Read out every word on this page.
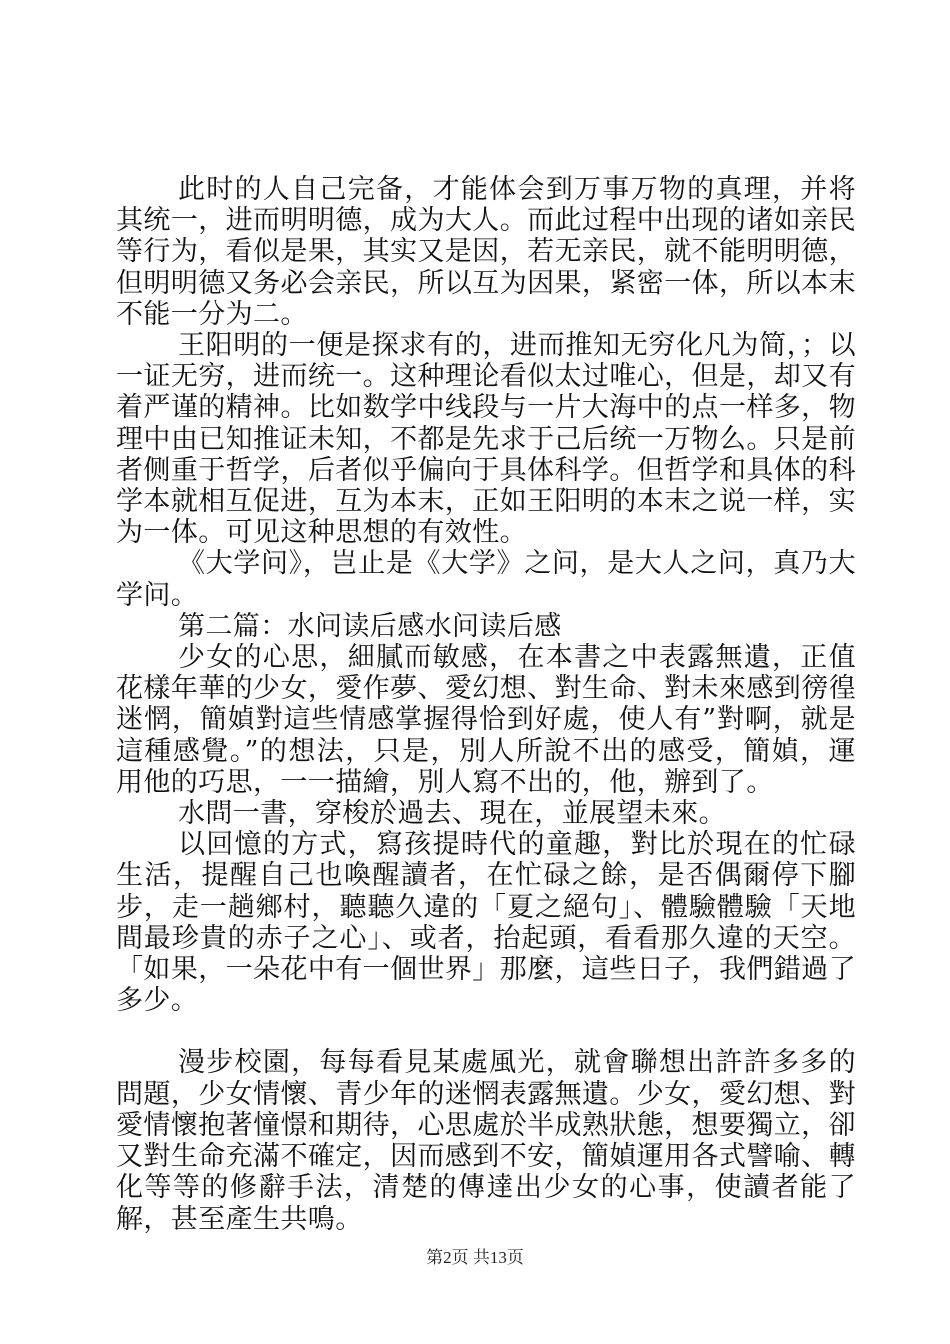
此时的人自己完备，才能体会到万事万物的真理，并将其统一，进而明明德，成为大人。而此过程中出现的诸如亲民等行为，看似是果，其实又是因，若无亲民，就不能明明德，但明明德又务必会亲民，所以互为因果，紧密一体，所以本末不能一分为二。

王阳明的一便是探求有的，进而推知无穷化凡为简，；以一证无穷，进而统一。这种理论看似太过唯心，但是，却又有着严谨的精神。比如数学中线段与一片大海中的点一样多，物理中由已知推证未知，不都是先求于己后统一万物么。只是前者侧重于哲学，后者似乎偏向于具体科学。但哲学和具体的科学本就相互促进，互为本末，正如王阳明的本末之说一样，实为一体。可见这种思想的有效性。

《大学问》，岂止是《大学》之问，是大人之问，真乃大学问。

第二篇：水问读后感水问读后感

少女的心思，細膩而敏感，在本書之中表露無遺，正值花樣年華的少女，愛作夢、愛幻想、對生命、對未來感到徬徨迷惘，簡媜對這些情感掌握得恰到好處，使人有”對啊，就是這種感覺。”的想法，只是，別人所說不出的感受，簡媜，運用他的巧思，一一描繪，別人寫不出的，他，辦到了。

水問一書，穿梭於過去、現在，並展望未來。

以回憶的方式，寫孩提時代的童趣，對比於現在的忙碌生活，提醒自己也喚醒讀者，在忙碌之餘，是否偶爾停下腳步，走一趟鄉村，聽聽久違的「夏之絕句」、體驗體驗「天地間最珍貴的赤子之心」、或者，抬起頭，看看那久違的天空。「如果，一朵花中有一個世界」那麼，這些日子，我們錯過了多少。

漫步校園，每每看見某處風光，就會聯想出許許多多的問題，少女情懷、青少年的迷惘表露無遺。少女，愛幻想、對愛情懷抱著憧憬和期待，心思處於半成熟狀態，想要獨立，卻又對生命充滿不確定，因而感到不安，簡媜運用各式譬喻、轉化等等的修辭手法，清楚的傳達出少女的心事，使讀者能了解，甚至產生共鳴。

第2页 共13页
